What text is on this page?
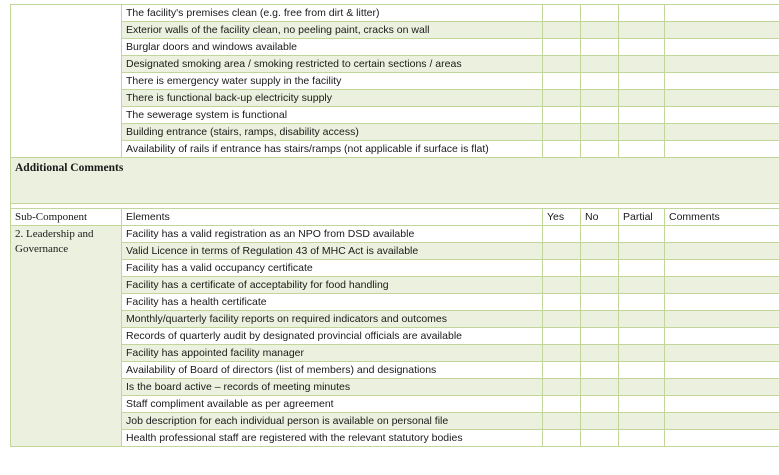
	The facility's premises clean (e.g. free from dirt & litter)				
	Exterior walls of the facility clean, no peeling paint, cracks on wall				
	Burglar doors and windows available				
	Designated smoking area / smoking restricted to certain sections / areas				
	There is emergency water supply in the facility				
	There is functional back-up electricity supply				
	The sewerage system is functional				
	Building entrance (stairs, ramps, disability access)				
	Availability of rails if entrance has stairs/ramps (not applicable if surface is flat)				
Additional Comments					

Sub-Component	Elements	Yes	No	Partial	Comments
2. Leadership and Governance	Facility has a valid registration as an NPO from DSD available				
	Valid Licence in terms of Regulation 43 of MHC Act is available				
	Facility has a valid occupancy certificate				
	Facility has a certificate of acceptability for food handling				
	Facility has a health certificate				
	Monthly/quarterly facility reports on required indicators and outcomes				
	Records of quarterly audit by designated provincial officials are available				
	Facility has appointed facility manager				
	Availability of Board of directors (list of members) and designations				
	Is the board active – records of meeting minutes				
	Staff compliment available as per agreement				
	Job description for each individual person is available on personal file				
	Health professional staff are registered with the relevant statutory bodies				
